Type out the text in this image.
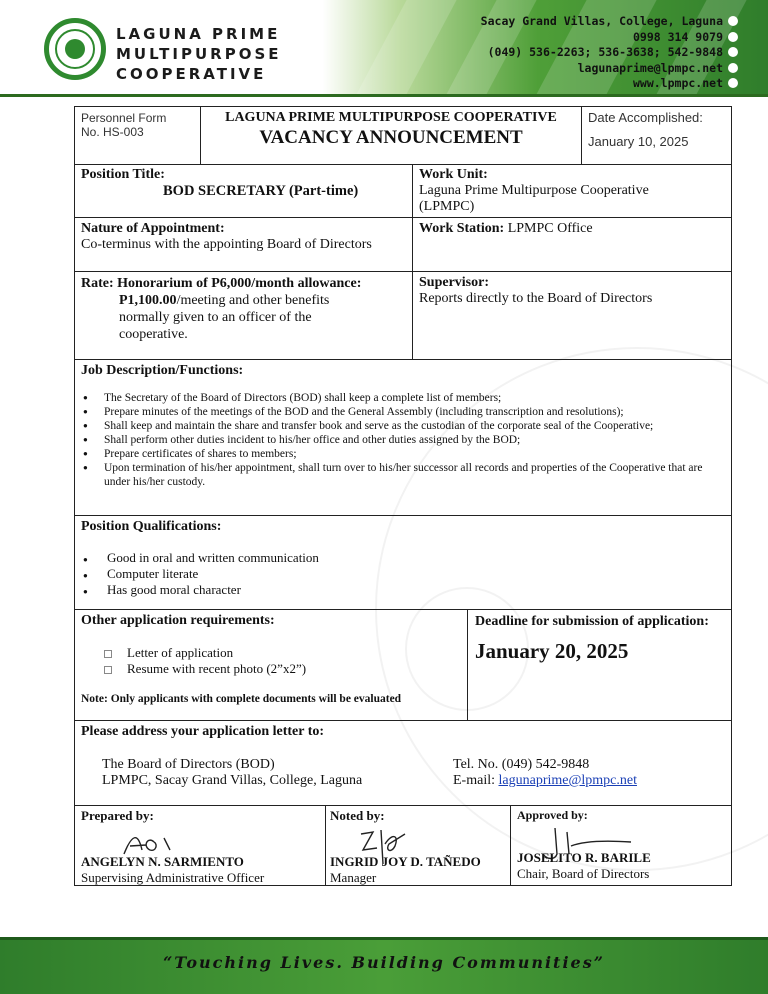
LAGUNA PRIME
MULTIPURPOSE
COOPERATIVE
Sacay Grand Villas, College, Laguna
0998 314 9079
(049) 536-2263; 536-3638; 542-9848
lagunaprime@lpmpc.net
www.lpmpc.net
Personnel Form
No. HS-003
LAGUNA PRIME MULTIPURPOSE COOPERATIVE
VACANCY ANNOUNCEMENT
Date Accomplished:
January 10, 2025
Position Title:
BOD SECRETARY (Part-time)
Work Unit:
Laguna Prime Multipurpose Cooperative
(LPMPC)
Nature of Appointment:
Co-terminus with the appointing Board of Directors
Work Station: LPMPC Office
Rate: Honorarium of P6,000/month allowance:
P1,100.00/meeting and other benefits
normally given to an officer of the
cooperative.
Supervisor:
Reports directly to the Board of Directors
Job Description/Functions:
● The Secretary of the Board of Directors (BOD) shall keep a complete list of members;
● Prepare minutes of the meetings of the BOD and the General Assembly (including transcription and resolutions);
● Shall keep and maintain the share and transfer book and serve as the custodian of the corporate seal of the Cooperative;
● Shall perform other duties incident to his/her office and other duties assigned by the BOD;
● Prepare certificates of shares to members;
● Upon termination of his/her appointment, shall turn over to his/her successor all records and properties of the Cooperative that are under his/her custody.
Position Qualifications:
● Good in oral and written communication
● Computer literate
● Has good moral character
Other application requirements:
Letter of application
Resume with recent photo (2”x2”)
Note: Only applicants with complete documents will be evaluated
Deadline for submission of application:
January 20, 2025
Please address your application letter to:
The Board of Directors (BOD)
LPMPC, Sacay Grand Villas, College, Laguna
Tel. No. (049) 542-9848
E-mail: lagunaprime@lpmpc.net
Prepared by:
ANGELYN N. SARMIENTO
Supervising Administrative Officer
Noted by:
INGRID JOY D. TAÑEDO
Manager
Approved by:
JOSELITO R. BARILE
Chair, Board of Directors
“Touching Lives. Building Communities”
